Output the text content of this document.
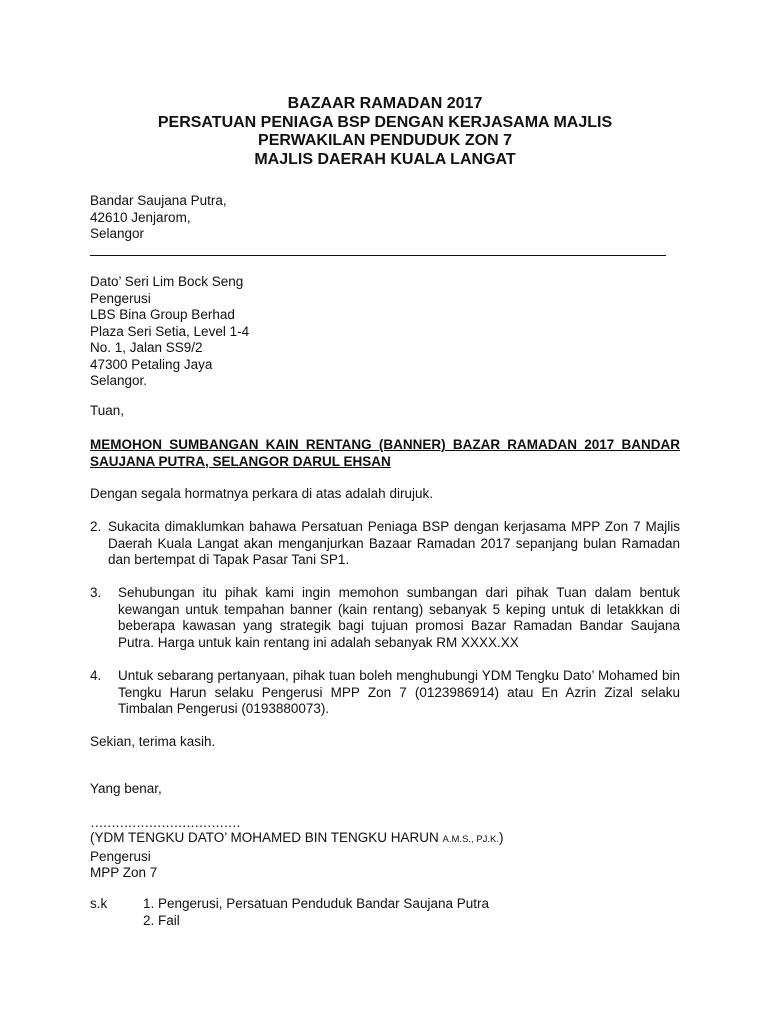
BAZAAR RAMADAN 2017
PERSATUAN PENIAGA BSP DENGAN KERJASAMA MAJLIS
PERWAKILAN PENDUDUK ZON 7
MAJLIS DAERAH KUALA LANGAT
Bandar Saujana Putra,
42610 Jenjarom,
Selangor
Dato’ Seri Lim Bock Seng
Pengerusi
LBS Bina Group Berhad
Plaza Seri Setia, Level 1-4
No. 1, Jalan SS9/2
47300 Petaling Jaya
Selangor.
Tuan,
MEMOHON SUMBANGAN KAIN RENTANG (BANNER) BAZAR RAMADAN 2017 BANDAR SAUJANA PUTRA, SELANGOR DARUL EHSAN
Dengan segala hormatnya perkara di atas adalah dirujuk.
2. Sukacita dimaklumkan bahawa Persatuan Peniaga BSP dengan kerjasama MPP Zon 7 Majlis Daerah Kuala Langat akan menganjurkan Bazaar Ramadan 2017 sepanjang bulan Ramadan dan bertempat di Tapak Pasar Tani SP1.
3.	Sehubungan itu pihak kami ingin memohon sumbangan dari pihak Tuan dalam bentuk kewangan untuk tempahan banner (kain rentang) sebanyak 5 keping untuk di letakkkan di beberapa kawasan yang strategik bagi tujuan promosi Bazar Ramadan Bandar Saujana Putra. Harga untuk kain rentang ini adalah sebanyak RM XXXX.XX
4.	Untuk sebarang pertanyaan, pihak tuan boleh menghubungi YDM Tengku Dato’ Mohamed bin Tengku Harun selaku Pengerusi MPP Zon 7 (0123986914) atau En Azrin Zizal selaku Timbalan Pengerusi (0193880073).
Sekian, terima kasih.
Yang benar,
………………………………
(YDM TENGKU DATO’ MOHAMED BIN TENGKU HARUN A.M.S., PJ.K.)
Pengerusi
MPP Zon 7
s.k	1. Pengerusi, Persatuan Penduduk Bandar Saujana Putra
2. Fail
